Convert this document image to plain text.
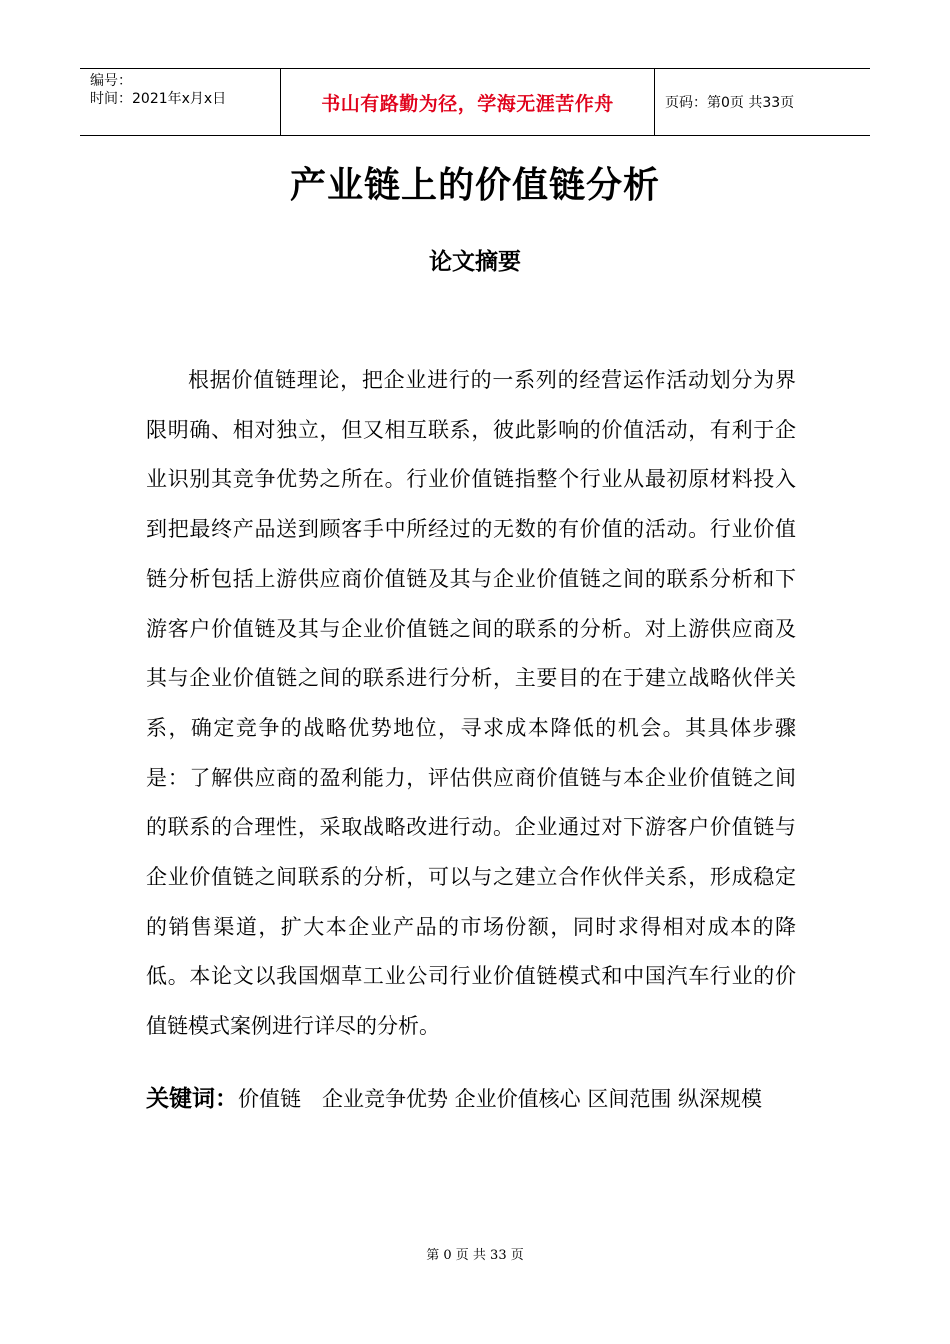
编号：
时间：2021年x月x日	书山有路勤为径，学海无涯苦作舟	页码：第0页 共33页
产业链上的价值链分析
论文摘要

根据价值链理论，把企业进行的一系列的经营运作活动划分为界限明确、相对独立，但又相互联系，彼此影响的价值活动，有利于企业识别其竞争优势之所在。行业价值链指整个行业从最初原材料投入到把最终产品送到顾客手中所经过的无数的有价值的活动。行业价值链分析包括上游供应商价值链及其与企业价值链之间的联系分析和下游客户价值链及其与企业价值链之间的联系的分析。对上游供应商及其与企业价值链之间的联系进行分析，主要目的在于建立战略伙伴关系，确定竞争的战略优势地位，寻求成本降低的机会。其具体步骤是：了解供应商的盈利能力，评估供应商价值链与本企业价值链之间的联系的合理性，采取战略改进行动。企业通过对下游客户价值链与企业价值链之间联系的分析，可以与之建立合作伙伴关系，形成稳定的销售渠道，扩大本企业产品的市场份额，同时求得相对成本的降低。本论文以我国烟草工业公司行业价值链模式和中国汽车行业的价值链模式案例进行详尽的分析。

关键词：价值链　企业竞争优势 企业价值核心 区间范围 纵深规模

第 0 页 共 33 页
